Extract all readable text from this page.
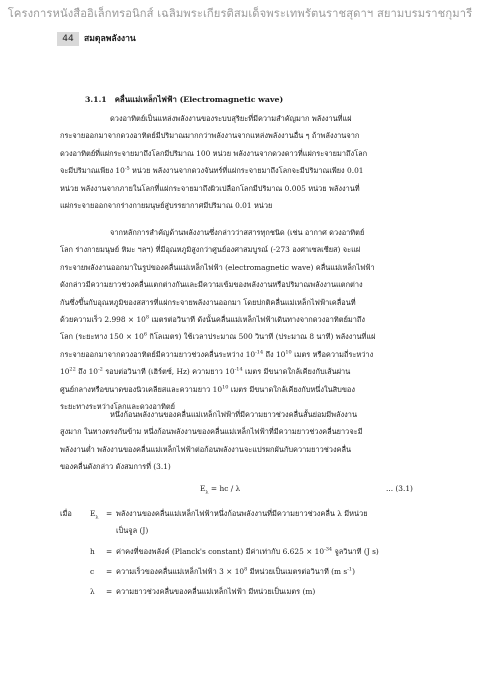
โครงการหนังสืออิเล็กทรอนิกส์ เฉลิมพระเกียรติสมเด็จพระเทพรัตนราชสุดาฯ สยามบรมราชกุมารี
44	สมดุลพลังงาน
3.1.1 คลื่นแม่เหล็กไฟฟ้า (Electromagnetic wave)
ดวงอาทิตย์เป็นแหล่งพลังงานของระบบสุริยะที่มีความสำคัญมาก พลังงานที่แผ่
กระจายออกมาจากดวงอาทิตย์มีปริมาณมากกว่าพลังงานจากแหล่งพลังงานอื่น ๆ ถ้าพลังงานจาก
ดวงอาทิตย์ที่แผ่กระจายมาถึงโลกมีปริมาณ 100 หน่วย พลังงานจากดวงดาวที่แผ่กระจายมาถึงโลก
จะมีปริมาณเพียง $10^{-5}$ หน่วย พลังงานจากดวงจันทร์ที่แผ่กระจายมาถึงโลกจะมีปริมาณเพียง 0.01
หน่วย พลังงานจากภายในโลกที่แผ่กระจายมาถึงผิวเปลือกโลกมีปริมาณ 0.005 หน่วย พลังงานที่
แผ่กระจายออกจากร่างกายมนุษย์สู่บรรยากาศมีปริมาณ 0.01 หน่วย
จากหลักการสำคัญด้านพลังงานซึ่งกล่าวว่าสสารทุกชนิด (เช่น อากาศ ดวงอาทิตย์
โลก ร่างกายมนุษย์ หิมะ ฯลฯ) ที่มีอุณหภูมิสูงกว่าศูนย์องศาสมบูรณ์ (-273 องศาเซลเซียส) จะแผ่
กระจายพลังงานออกมาในรูปของคลื่นแม่เหล็กไฟฟ้า (electromagnetic wave) คลื่นแม่เหล็กไฟฟ้า
ดังกล่าวมีความยาวช่วงคลื่นแตกต่างกันและมีความเข้มของพลังงานหรือปริมาณพลังงานแตกต่าง
กันซึ่งขึ้นกับอุณหภูมิของสสารที่แผ่กระจายพลังงานออกมา โดยปกติคลื่นแม่เหล็กไฟฟ้าเคลื่อนที่
ด้วยความเร็ว $2.998 \times 10^8$ เมตรต่อวินาที ดังนั้นคลื่นแม่เหล็กไฟฟ้าเดินทางจากดวงอาทิตย์มาถึง
โลก (ระยะทาง $150 \times 10^6$ กิโลเมตร) ใช้เวลาประมาณ 500 วินาที (ประมาณ 8 นาที) พลังงานที่แผ่
กระจายออกมาจากดวงอาทิตย์มีความยาวช่วงคลื่นระหว่าง $10^{-14}$ ถึง $10^{10}$ เมตร หรือความถี่ระหว่าง
$10^{22}$ ถึง $10^{-2}$ รอบต่อวินาที (เฮิร์ตซ์, Hz) ความยาว $10^{-14}$ เมตร มีขนาดใกล้เคียงกับเส้นผ่าน
ศูนย์กลางหรือขนาดของนิวเคลียสและความยาว $10^{10}$ เมตร มีขนาดใกล้เคียงกับหนึ่งในสิบของ
ระยะทางระหว่างโลกและดวงอาทิตย์
หนึ่งก้อนพลังงานของคลื่นแม่เหล็กไฟฟ้าที่มีความยาวช่วงคลื่นสั้นย่อมมีพลังงาน
สูงมาก ในทางตรงกันข้าม หนึ่งก้อนพลังงานของคลื่นแม่เหล็กไฟฟ้าที่มีความยาวช่วงคลื่นยาวจะมี
พลังงานต่ำ พลังงานของคลื่นแม่เหล็กไฟฟ้าต่อก้อนพลังงานจะแปรผกผันกับความยาวช่วงคลื่น
ของคลื่นดังกล่าว ดังสมการที่ (3.1)
$E_\lambda$ = hc / λ	... (3.1)
เมื่อ $E_\lambda$ = พลังงานของคลื่นแม่เหล็กไฟฟ้าหนึ่งก้อนพลังงานที่มีความยาวช่วงคลื่น λ มีหน่วย
เป็นจูล (J)
h = ค่าคงที่ของพลังค์ (Planck's constant) มีค่าเท่ากับ $6.625 \times 10^{-34}$ จูลวินาที (J s)
c = ความเร็วของคลื่นแม่เหล็กไฟฟ้า $3 \times 10^8$ มีหน่วยเป็นเมตรต่อวินาที (m $s^{-1}$)
λ = ความยาวช่วงคลื่นของคลื่นแม่เหล็กไฟฟ้า มีหน่วยเป็นเมตร (m)
